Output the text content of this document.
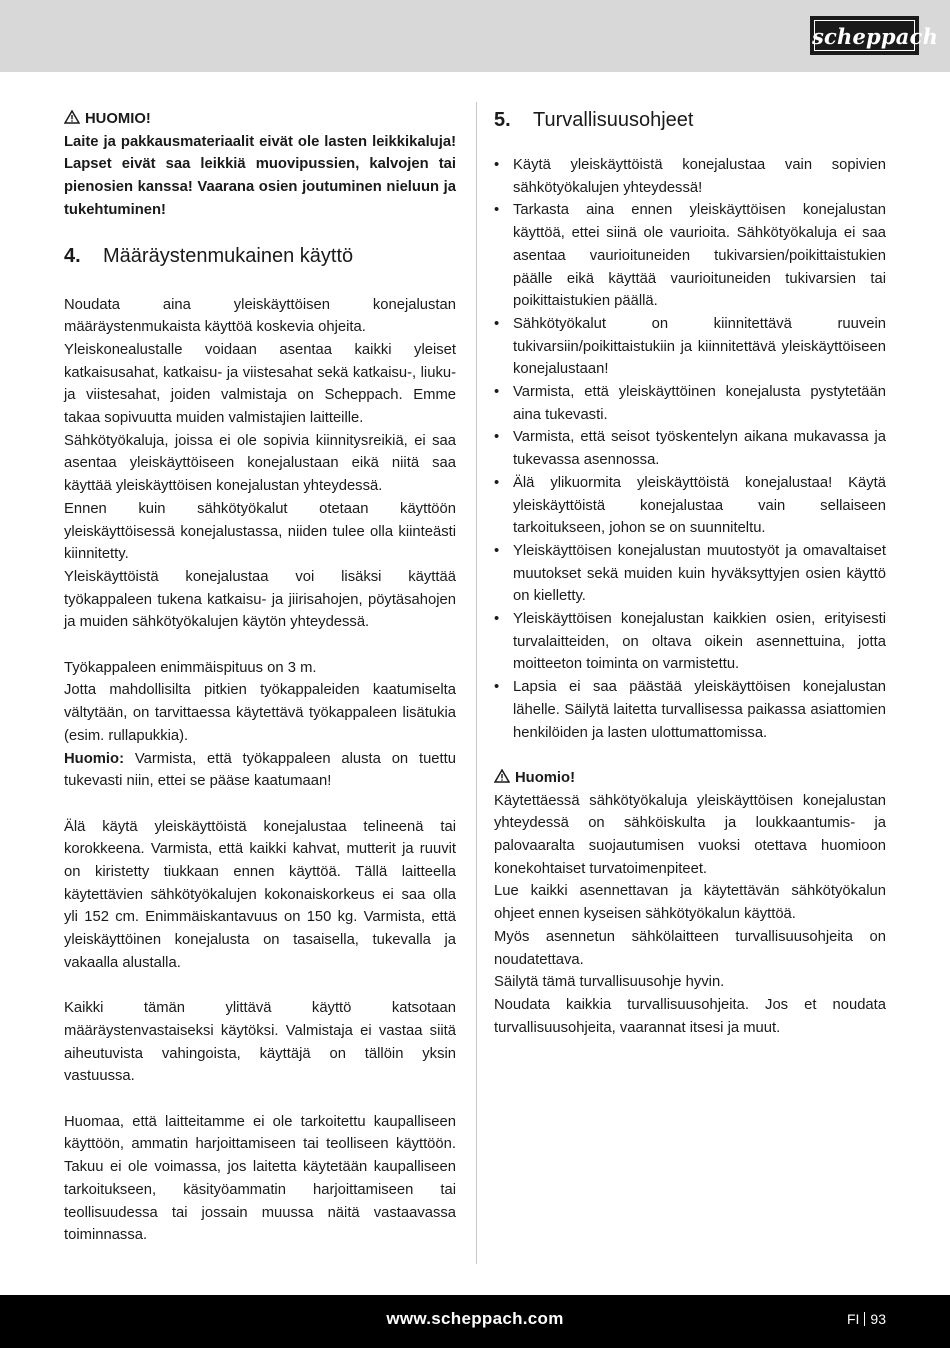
scheppach
HUOMIO!

Laite ja pakkausmateriaalit eivät ole lasten leikkikaluja! Lapset eivät saa leikkiä muovipussien, kalvojen tai pienosien kanssa! Vaarana osien joutuminen nieluun ja tukehtuminen!

4. Määräystenmukainen käyttö

Noudata aina yleiskäyttöisen konejalustan määräystenmukaista käyttöä koskevia ohjeita.

Yleiskonealustalle voidaan asentaa kaikki yleiset katkaisusahat, katkaisu- ja viistesahat sekä katkaisu-, liuku- ja viistesahat, joiden valmistaja on Scheppach. Emme takaa sopivuutta muiden valmistajien laitteille.

Sähkötyökaluja, joissa ei ole sopivia kiinnitysreikiä, ei saa asentaa yleiskäyttöiseen konejalustaan eikä niitä saa käyttää yleiskäyttöisen konejalustan yhteydessä.

Ennen kuin sähkötyökalut otetaan käyttöön yleiskäyttöisessä konejalustassa, niiden tulee olla kiinteästi kiinnitetty.

Yleiskäyttöistä konejalustaa voi lisäksi käyttää työkappaleen tukena katkaisu- ja jiirisahojen, pöytäsahojen ja muiden sähkötyökalujen käytön yhteydessä.

Työkappaleen enimmäispituus on 3 m.

Jotta mahdollisilta pitkien työkappaleiden kaatumiselta vältytään, on tarvittaessa käytettävä työkappaleen lisätukia (esim. rullapukkia).

Huomio: Varmista, että työkappaleen alusta on tuettu tukevasti niin, ettei se pääse kaatumaan!

Älä käytä yleiskäyttöistä konejalustaa telineenä tai korokkeena. Varmista, että kaikki kahvat, mutterit ja ruuvit on kiristetty tiukkaan ennen käyttöä. Tällä laitteella käytettävien sähkötyökalujen kokonaiskorkeus ei saa olla yli 152 cm. Enimmäiskantavuus on 150 kg. Varmista, että yleiskäyttöinen konejalusta on tasaisella, tukevalla ja vakaalla alustalla.

Kaikki tämän ylittävä käyttö katsotaan määräystenvastaiseksi käytöksi. Valmistaja ei vastaa siitä aiheutuvista vahingoista, käyttäjä on tällöin yksin vastuussa.

Huomaa, että laitteitamme ei ole tarkoitettu kaupalliseen käyttöön, ammatin harjoittamiseen tai teolliseen käyttöön. Takuu ei ole voimassa, jos laitetta käytetään kaupalliseen tarkoitukseen, käsityöammatin harjoittamiseen tai teollisuudessa tai jossain muussa näitä vastaavassa toiminnassa.

5. Turvallisuusohjeet
• Käytä yleiskäyttöistä konejalustaa vain sopivien sähkötyökalujen yhteydessä!
• Tarkasta aina ennen yleiskäyttöisen konejalustan käyttöä, ettei siinä ole vaurioita. Sähkötyökaluja ei saa asentaa vaurioituneiden tukivarsien/poikittaistukien päälle eikä käyttää vaurioituneiden tukivarsien tai poikittaistukien päällä.
• Sähkötyökalut on kiinnitettävä ruuvein tukivarsiin/poikittaistukiin ja kiinnitettävä yleiskäyttöiseen konejalustaan!
• Varmista, että yleiskäyttöinen konejalusta pystytetään aina tukevasti.
• Varmista, että seisot työskentelyn aikana mukavassa ja tukevassa asennossa.
• Älä ylikuormita yleiskäyttöistä konejalustaa! Käytä yleiskäyttöistä konejalustaa vain sellaiseen tarkoitukseen, johon se on suunniteltu.
• Yleiskäyttöisen konejalustan muutostyöt ja omavaltaiset muutokset sekä muiden kuin hyväksyttyjen osien käyttö on kielletty.
• Yleiskäyttöisen konejalustan kaikkien osien, erityisesti turvalaitteiden, on oltava oikein asennettuina, jotta moitteeton toiminta on varmistettu.
• Lapsia ei saa päästää yleiskäyttöisen konejalustan lähelle. Säilytä laitetta turvallisessa paikassa asiattomien henkilöiden ja lasten ulottumattomissa.
Huomio!

Käytettäessä sähkötyökaluja yleiskäyttöisen konejalustan yhteydessä on sähköiskulta ja loukkaantumis- ja palovaaralta suojautumisen vuoksi otettava huomioon konekohtaiset turvatoimenpiteet.

Lue kaikki asennettavan ja käytettävän sähkötyökalun ohjeet ennen kyseisen sähkötyökalun käyttöä.

Myös asennetun sähkölaitteen turvallisuusohjeita on noudatettava.

Säilytä tämä turvallisuusohje hyvin.

Noudata kaikkia turvallisuusohjeita. Jos et noudata turvallisuusohjeita, vaarannat itsesi ja muut.

www.scheppach.com	FI 93
